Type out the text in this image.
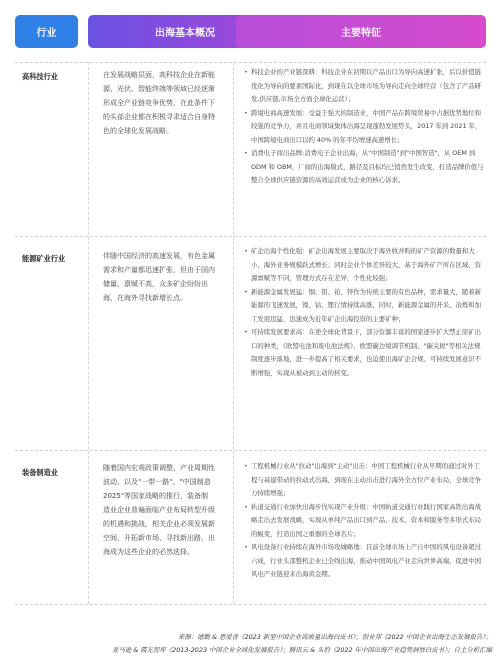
行业	出海基本概况	主要特征
高科技行业	在发展战略层面，高科技企业在新能源、光伏、智能终端等领域已经逐渐形成全产业链竞争优势，在此条件下的头部企业都在积极寻求适合自身特色的全球化发展战略。
• 科技企业的产业链深耕：科技企业在初期以产品出口为导向高速扩张，后以价值链优化为导向的要素国际化，到现在以全球市场为导向走向全球经营（包含了产品研发,供应链,市场全方面全球化运营）；
• 跨境电商高速发展：受益于强大的制造业，中国产品在跨境贸易中占据优势地位和较强的竞争力，并且电商领域集体出海呈现蓬勃发展势头，2017 年到 2021 年，中国跨境电商出口以约 40% 的年平均增速高速增长；
• 消费电子闯出品牌:消费电子企业出海，从"中国制造"到"中国智造"，从 OEM 到 ODM 和 OBM，厂商的出海模式、路径及目标均已悄然发生改变，打造品牌价值与整合全球供应链资源的高效运营成为企业的核心诉求。
能源矿业行业	伴随中国经济的高速发展，有色金属需求和产量都迅速扩张，但由于国内储量、禀赋不高，众多矿企纷纷出海，在海外寻找新增长点。
• 矿企出海个性化强：矿企出海发展主要取决于海外收并购的矿产资源的数量和大小，海外业务规模跃式增长；同时企业个体差异较大，基于海外矿产所在区域、资源禀赋等不同，管理方式存在差异，个性化较强；
• 新能源金属发展猛：铜、钼、铂、锌作为传统主要的有色品种，需求量大，随着新能源的飞速发展，镍、钴、锂行情持续高涨，同时，新能源金属的开采、冶炼和加工发展迅猛，迅速成为近年矿企出海投资的主要矿种；
• 可持续发展要求高：在逆全球化背景下，部分资源丰富的国家逐步扩大禁止原矿出口的种类，《欧盟电池和废电池法规》、欧盟碳边境调节机制、"碳关税"等相关法规制度逐步落地，进一步提高了相关要求，也迫使出海矿企合规、可持续发展意识不断增强，实现从被动到主动的转变。
装备制造业	随着国内宏观政策调整、产业周期性波动，以及"一带一路"、"中国制造 2025"等国家战略的推行，装备制造业企业普遍面临产业布局转型升级的机遇和挑战，相关企业必须发展新空间、开拓新市场、寻找新出路，出海成为这些企业的必然选择。
• 工程机械行业从"拉动"出海到"主动"出击：中国工程机械行业从早期的通过对外工程与基建带动的拉动式出海，到现在主动出击进行海外全方位产业布局，全球竞争力持续增强；
• 轨道交通行业加快出海步伐实现产业升级：中国轨道交通行业践行国家高铁出海战略走出去发展战略，实现从单纯产品出口到产品、技术、资本和服务等多形式布局的蜕变，打造出国之重器的全球名片；
• 风电设备行业持续在海外市场攻城略地：目前全球市场上产自中国的风电设备超过六成，行业头部整机企业已全线出海，推动中国风电产业走向世界高端，促进中国风电产业链迎来出海黄金期。
来源：德勤 & 思爱普《2023 新型中国企业高质量出海白皮书》；创业邦《2022 中国企业出海生态发展报告》；
亚马逊 & 霞光智库《2013-2023 中国企业全球化发展报告》；腾讯云 & 头豹《2022 年中国出海产业趋势洞察白皮书》；自主分析汇编
